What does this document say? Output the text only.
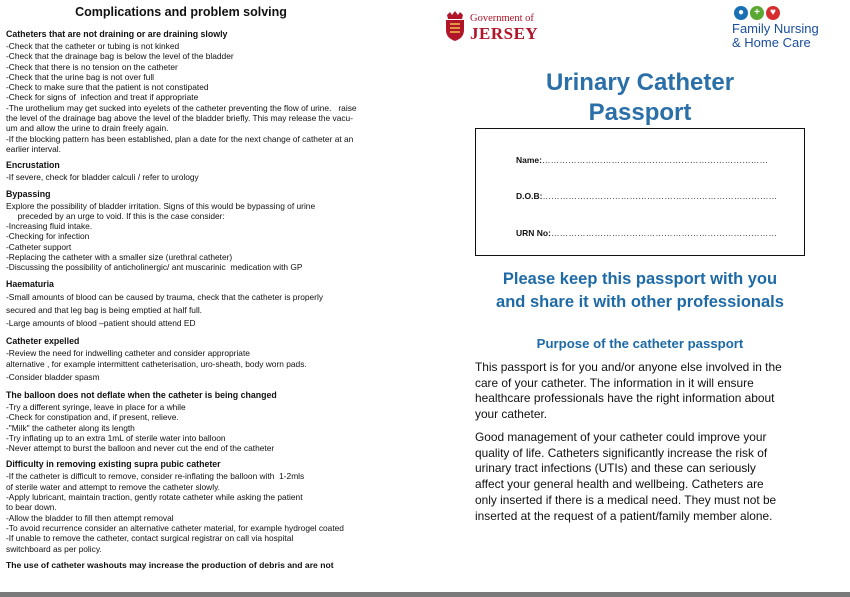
Complications and problem solving
Catheters that are not draining or are draining slowly
-Check that the catheter or tubing is not kinked
-Check that the drainage bag is below the level of the bladder
-Check that there is no tension on the catheter
-Check that the urine bag is not over full
-Check to make sure that the patient is not constipated
-Check for signs of  infection and treat if appropriate
-The urothelium may get sucked into eyelets of the catheter preventing the flow of urine.   raise
the level of the drainage bag above the level of the bladder briefly. This may release the vacu-
um and allow the urine to drain freely again.
-If the blocking pattern has been established, plan a date for the next change of catheter at an
earlier interval.
Encrustation
-If severe, check for bladder calculi / refer to urology
Bypassing
Explore the possibility of bladder irritation. Signs of this would be bypassing of urine
preceded by an urge to void. If this is the case consider:
-Increasing fluid intake.
-Checking for infection
-Catheter support
-Replacing the catheter with a smaller size (urethral catheter)
-Discussing the possibility of anticholinergic/ ant muscarinic  medication with GP
Haematuria
-Small amounts of blood can be caused by trauma, check that the catheter is properly
secured and that leg bag is being emptied at half full.
-Large amounts of blood –patient should attend ED
Catheter expelled
-Review the need for indwelling catheter and consider appropriate
alternative , for example intermittent catheterisation, uro-sheath, body worn pads.
-Consider bladder spasm
The balloon does not deflate when the catheter is being changed
-Try a different syringe, leave in place for a while
-Check for constipation and, if present, relieve.
-"Milk" the catheter along its length
-Try inflating up to an extra 1mL of sterile water into balloon
-Never attempt to burst the balloon and never cut the end of the catheter
Difficulty in removing existing supra pubic catheter
-If the catheter is difficult to remove, consider re-inflating the balloon with  1-2mls
of sterile water and attempt to remove the catheter slowly.
-Apply lubricant, maintain traction, gently rotate catheter while asking the patient
to bear down.
-Allow the bladder to fill then attempt removal
-To avoid recurrence consider an alternative catheter material, for example hydrogel coated
-If unable to remove the catheter, contact surgical registrar on call via hospital
switchboard as per policy.
The use of catheter washouts may increase the production of debris and are not
Government of
JERSEY
●	+	♥
Family Nursing
& Home Care
Urinary Catheter
Passport
Name:……………………………………………………………………
D.O.B:………………………………………………………………………
URN No:……………………………………………………………………
Please keep this passport with you
and share it with other professionals
Purpose of the catheter passport
This passport is for you and/or anyone else involved in the
care of your catheter. The information in it will ensure
healthcare professionals have the right information about
your catheter.
Good management of your catheter could improve your
quality of life. Catheters significantly increase the risk of
urinary tract infections (UTIs) and these can seriously
affect your general health and wellbeing. Catheters are
only inserted if there is a medical need. They must not be
inserted at the request of a patient/family member alone.
